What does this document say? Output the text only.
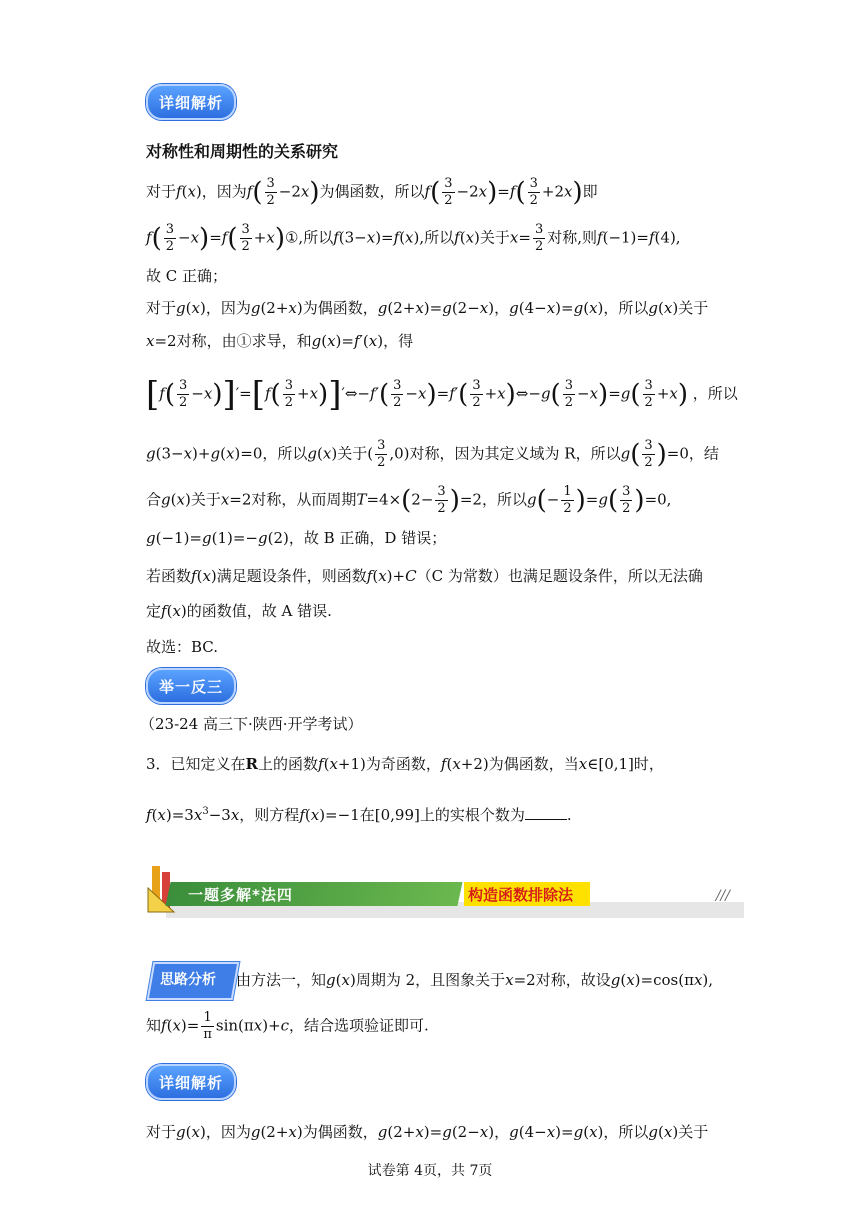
详细解析
对称性和周期性的关系研究
对于f(x)，因为$f( \frac{3}{2} -2x)$为偶函数，所以$f( \frac{3}{2} -2x)=f( \frac{3}{2} +2x)$即
$f( \frac{3}{2} -x)=f( \frac{3}{2}$ +x)①,所以f(3−x)=f(x),所以f(x)关于$x= \frac{3}{2}$ 对称,则f(−1)=f(4),
故 C 正确；
对于g(x)，因为g(2+x)为偶函数，g(2+x)=g(2−x)，g(4−x)=g(x)，所以g(x)关于
x=2对称，由①求导，和g(x)=f′(x)，得
$[f( \frac{3}{2} -x)]'=[f( \frac{3}{2}$ +x)]′⇔−f′( $\frac{3}{2} -x)=f'( \frac{3}{2}$ +x)⇔−g( $\frac{3}{2} -x)=g( \frac{3}{2} +x)$ ，所以
g(3−x)+g(x)=0，所以g(x)关于( $\frac{3}{2} ,0$)对称，因为其定义域为 R，所以$g( \frac{3}{2} )=0$，结
合g(x)关于x=2对称，从而周期$T=4\times(2- \frac{3}{2} )=2$，所以$g(- \frac{1}{2} )=g( \frac{3}{2} )=0$,
g(−1)=g(1)=−g(2)，故 B 正确，D 错误；
若函数f(x)满足题设条件，则函数f(x)+C（C 为常数）也满足题设条件，所以无法确
定f(x)的函数值，故 A 错误.
故选：BC.
举一反三
（23-24 高三下·陕西·开学考试）
3．已知定义在R上的函数f(x+1)为奇函数，f(x+2)为偶函数，当x∈[0,1]时，
$f(x)=3x^3-3x$，则方程f(x)=−1在[0,99]上的实根个数为	.
一题多解*法四	构造函数排除法	///
思路分析 由方法一，知g(x)周期为 2，且图象关于x=2对称，故设g(x)=cos(πx),
知$f(x)= \frac{1}{\pi} \sin(\pi x)+c$，结合选项验证即可.
详细解析
对于g(x)，因为g(2+x)为偶函数，g(2+x)=g(2−x)，g(4−x)=g(x)，所以g(x)关于
试卷第 4页，共 7页
